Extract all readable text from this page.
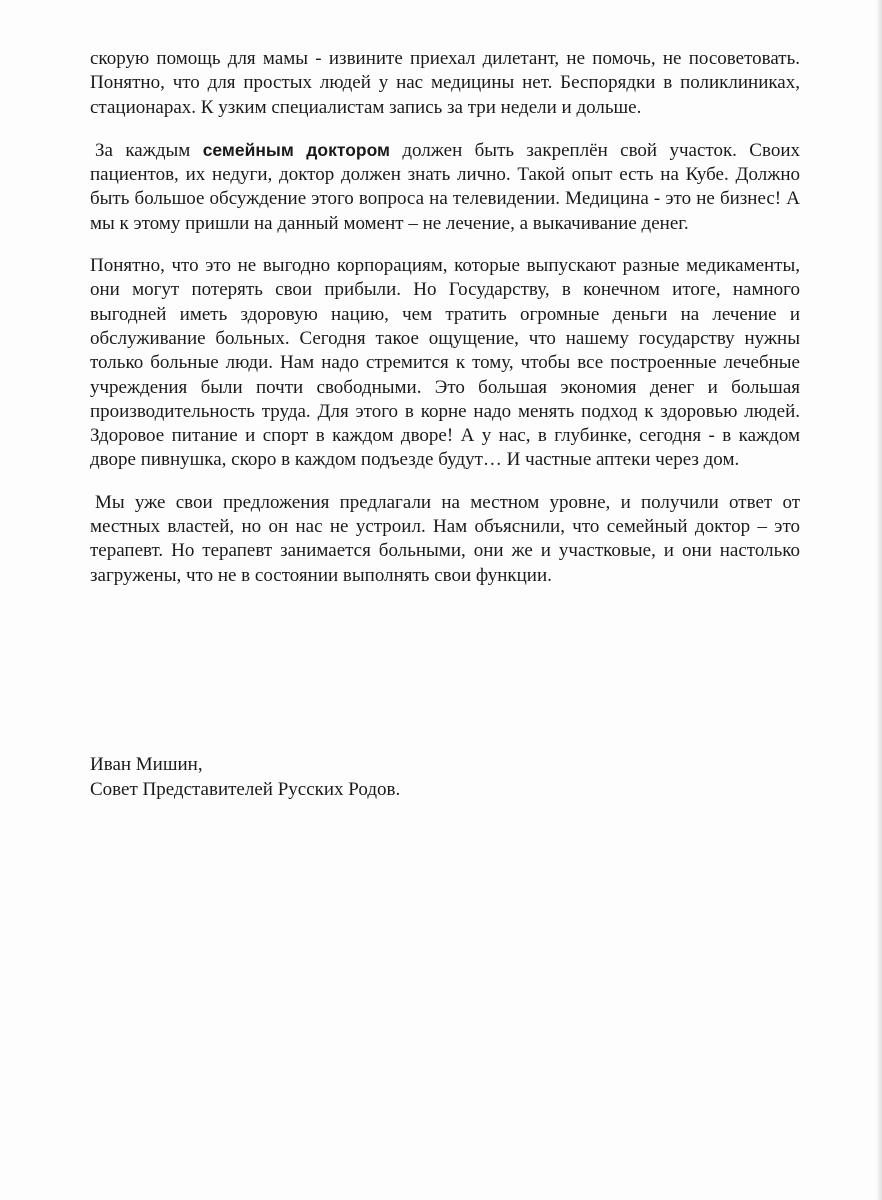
скорую помощь для мамы - извините приехал дилетант, не помочь, не посоветовать. Понятно, что для простых людей у нас медицины нет. Беспорядки в поликлиниках, стационарах. К узким специалистам запись за три недели и дольше.

За каждым семейным доктором должен быть закреплён свой участок. Своих пациентов, их недуги, доктор должен знать лично. Такой опыт есть на Кубе. Должно быть большое обсуждение этого вопроса на телевидении. Медицина - это не бизнес! А мы к этому пришли на данный момент – не лечение, а выкачивание денег.

Понятно, что это не выгодно корпорациям, которые выпускают разные медикаменты, они могут потерять свои прибыли. Но Государству, в конечном итоге, намного выгодней иметь здоровую нацию, чем тратить огромные деньги на лечение и обслуживание больных. Сегодня такое ощущение, что нашему государству нужны только больные люди. Нам надо стремится к тому, чтобы все построенные лечебные учреждения были почти свободными. Это большая экономия денег и большая производительность труда. Для этого в корне надо менять подход к здоровью людей. Здоровое питание и спорт в каждом дворе! А у нас, в глубинке, сегодня - в каждом дворе пивнушка, скоро в каждом подъезде будут… И частные аптеки через дом.

Мы уже свои предложения предлагали на местном уровне, и получили ответ от местных властей, но он нас не устроил. Нам объяснили, что семейный доктор – это терапевт. Но терапевт занимается больными, они же и участковые, и они настолько загружены, что не в состоянии выполнять свои функции.

Иван Мишин,
Совет Представителей Русских Родов.
